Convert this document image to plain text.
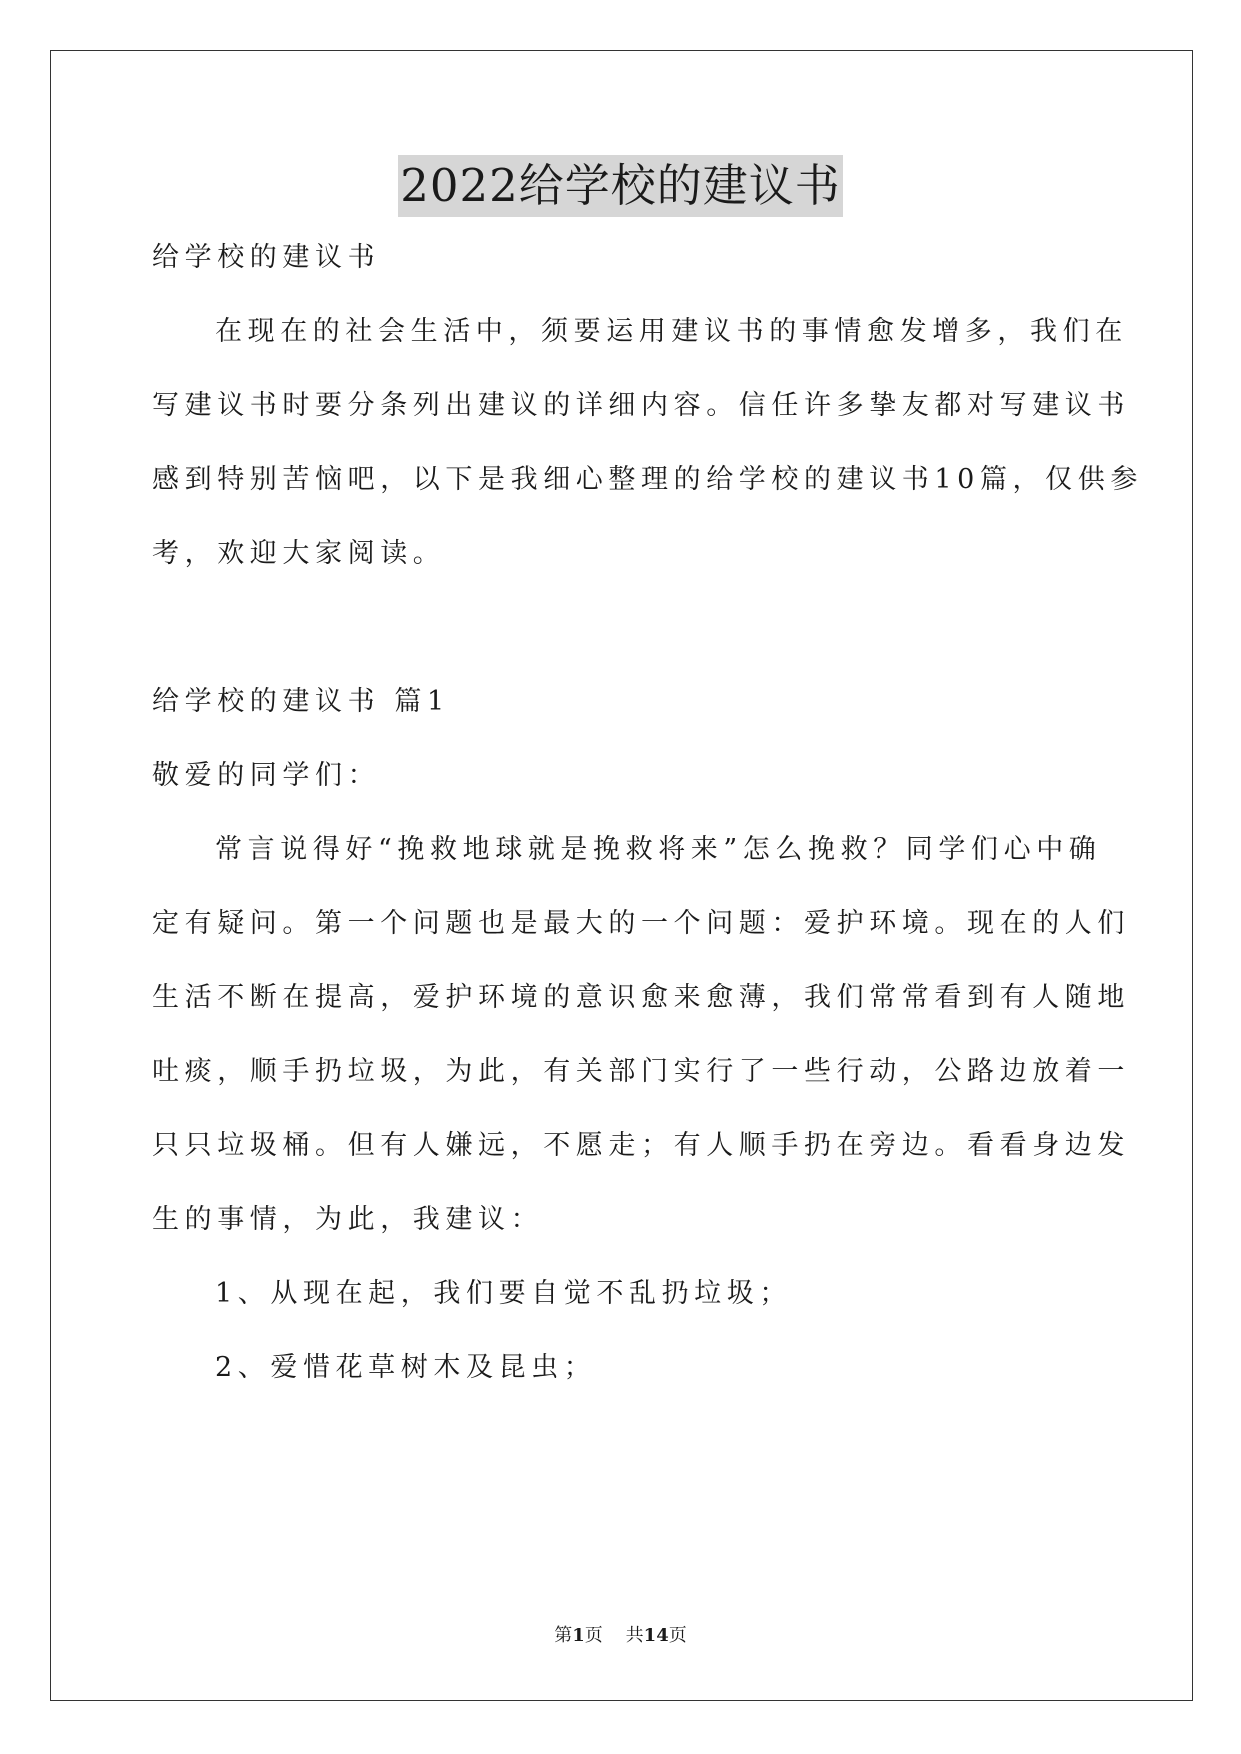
2022给学校的建议书
给学校的建议书
在现在的社会生活中，须要运用建议书的事情愈发增多，我们在
写建议书时要分条列出建议的详细内容。信任许多挚友都对写建议书
感到特别苦恼吧，以下是我细心整理的给学校的建议书10篇，仅供参
考，欢迎大家阅读。
给学校的建议书 篇1
敬爱的同学们：
常言说得好“挽救地球就是挽救将来”怎么挽救？同学们心中确
定有疑问。第一个问题也是最大的一个问题：爱护环境。现在的人们
生活不断在提高，爱护环境的意识愈来愈薄，我们常常看到有人随地
吐痰，顺手扔垃圾，为此，有关部门实行了一些行动，公路边放着一
只只垃圾桶。但有人嫌远，不愿走；有人顺手扔在旁边。看看身边发
生的事情，为此，我建议：
1、从现在起，我们要自觉不乱扔垃圾；
2、爱惜花草树木及昆虫；
第1页 共14页
